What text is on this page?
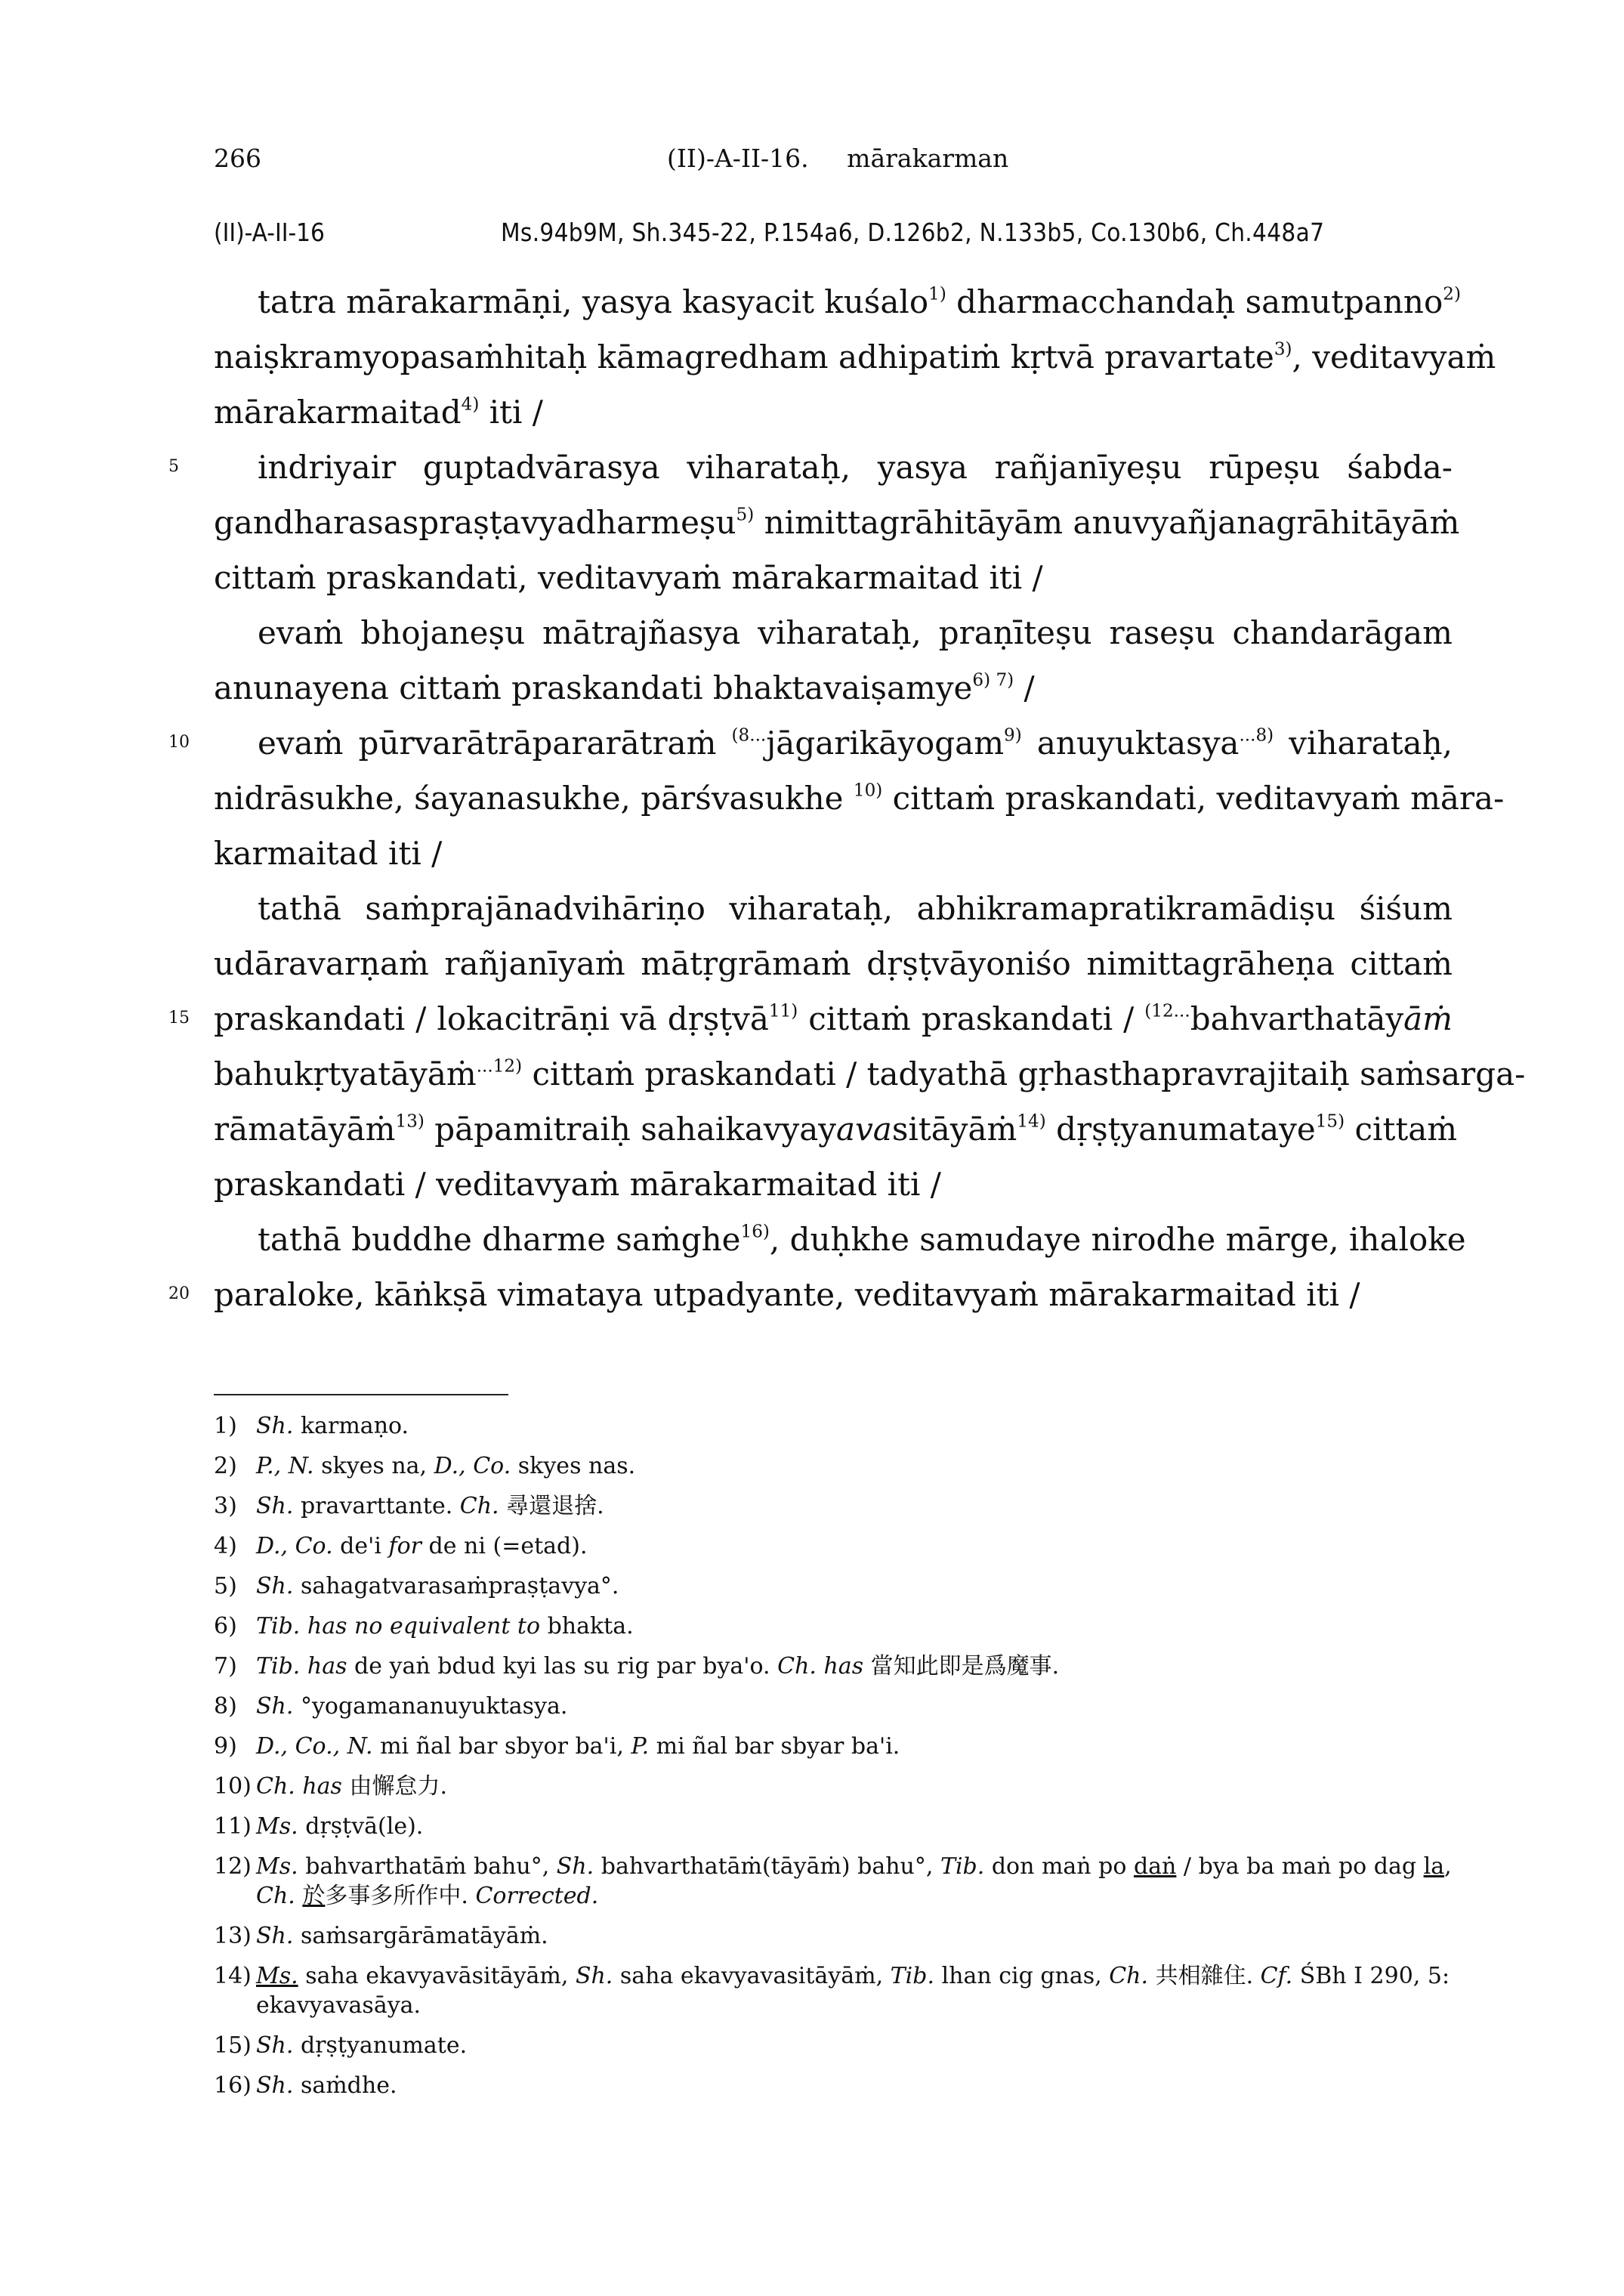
266	(II)-A-II-16. mārakarman
(II)-A-II-16	Ms.94b9M, Sh.345-22, P.154a6, D.126b2, N.133b5, Co.130b6, Ch.448a7
tatra mārakarmāṇi, yasya kasyacit kuśalo$^{1)}$ dharmacchandaḥ samutpanno$^{2)}$
naiṣkramyopasaṁhitaḥ kāmagredham adhipatiṁ kṛtvā pravartate$^{3)}$, veditavyaṁ
mārakarmaitad$^{4)}$ iti /
5 indriyair guptadvārasya viharataḥ, yasya rañjanīyeṣu rūpeṣu śabda-
gandharasaspraṣṭavyadharmeṣu$^{5)}$ nimittagrāhitāyām anuvyañjanagrāhitāyāṁ
cittaṁ praskandati, veditavyaṁ mārakarmaitad iti /
evaṁ bhojaneṣu mātrajñasya viharataḥ, praṇīteṣu raseṣu chandarāgam
anunayena cittaṁ praskandati bhaktavaiṣamye$^{6) 7)}$ /
10 evaṁ pūrvarātrāpararātraṁ $^{(8...}$jāgarikāyogam$^{9)}$ anuyuktasya$^{...8)}$ viharataḥ,
nidrāsukhe, śayanasukhe, pārśvasukhe $^{10)}$ cittaṁ praskandati, veditavyaṁ māra-
karmaitad iti /
tathā saṁprajānadvihāriṇo viharataḥ, abhikramapratikramādiṣu śiśum
udāravarṇaṁ rañjanīyaṁ mātṛgrāmaṁ dṛṣṭvāyoniśo nimittagrāheṇa cittaṁ
15 praskandati / lokacitrāṇi vā dṛṣṭvā$^{11)}$ cittaṁ praskandati / $^{(12...}$bahvarthatāyāṁ
bahukṛtyatāyāṁ$^{...12)}$ cittaṁ praskandati / tadyathā gṛhasthapravrajitaiḥ saṁsarga-
rāmatāyāṁ$^{13)}$ pāpamitraiḥ sahaikavyayavasitāyāṁ$^{14)}$ dṛṣṭyanumataye$^{15)}$ cittaṁ
praskandati / veditavyaṁ mārakarmaitad iti /
tathā buddhe dharme saṁghe$^{16)}$, duḥkhe samudaye nirodhe mārge, ihaloke
20 paraloke, kāṅkṣā vimataya utpadyante, veditavyaṁ mārakarmaitad iti /
1) Sh. karmaṇo.
2) P., N. skyes na, D., Co. skyes nas.
3) Sh. pravarttante. Ch. 尋還退捨.
4) D., Co. de'i for de ni (=etad).
5) Sh. sahagatvarasaṁpraṣṭavya°.
6) Tib. has no equivalent to bhakta.
7) Tib. has de yaṅ bdud kyi las su rig par bya'o. Ch. has 當知此即是爲魔事.
8) Sh. °yogamananuyuktasya.
9) D., Co., N. mi ñal bar sbyor ba'i, P. mi ñal bar sbyar ba'i.
10) Ch. has 由懈怠力.
11) Ms. dṛṣṭvā(le).
12) Ms. bahvarthatāṁ bahu°, Sh. bahvarthatāṁ(tāyāṁ) bahu°, Tib. don maṅ po daṅ / bya ba maṅ po dag la, Ch. 於多事多所作中. Corrected.
13) Sh. saṁsargārāmatāyāṁ.
14) Ms. saha ekavyavāsitāyāṁ, Sh. saha ekavyavasitāyāṁ, Tib. lhan cig gnas, Ch. 共相雜住. Cf. ŚBh I 290, 5: ekavyavasāya.
15) Sh. dṛṣṭyanumate.
16) Sh. saṁdhe.
